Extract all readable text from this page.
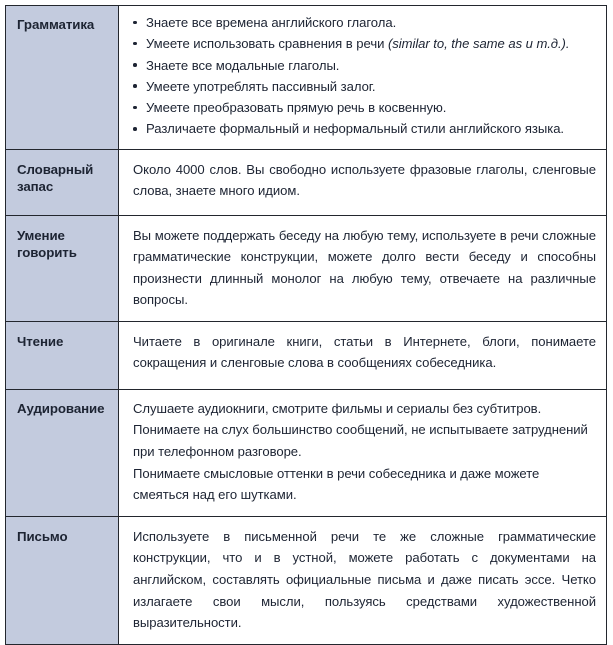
Грамматика	Знаете все времена английского глагола.
Умеете использовать сравнения в речи (similar to, the same as и т.д.).
Знаете все модальные глаголы.
Умеете употреблять пассивный залог.
Умеете преобразовать прямую речь в косвенную.
Различаете формальный и неформальный стили английского языка.

Словарный запас	Около 4000 слов. Вы свободно используете фразовые глаголы, сленговые слова, знаете много идиом.

Умение говорить	Вы можете поддержать беседу на любую тему, используете в речи сложные грамматические конструкции, можете долго вести беседу и способны произнести длинный монолог на любую тему, отвечаете на различные вопросы.

Чтение	Читаете в оригинале книги, статьи в Интернете, блоги, понимаете сокращения и сленговые слова в сообщениях собеседника.

Аудирование	Слушаете аудиокниги, смотрите фильмы и сериалы без субтитров.

Понимаете на слух большинство сообщений, не испытываете затруднений при телефонном разговоре.

Понимаете смысловые оттенки в речи собеседника и даже можете смеяться над его шутками.

Письмо	Используете в письменной речи те же сложные грамматические конструкции, что и в устной, можете работать с документами на английском, составлять официальные письма и даже писать эссе. Четко излагаете свои мысли, пользуясь средствами художественной выразительности.
